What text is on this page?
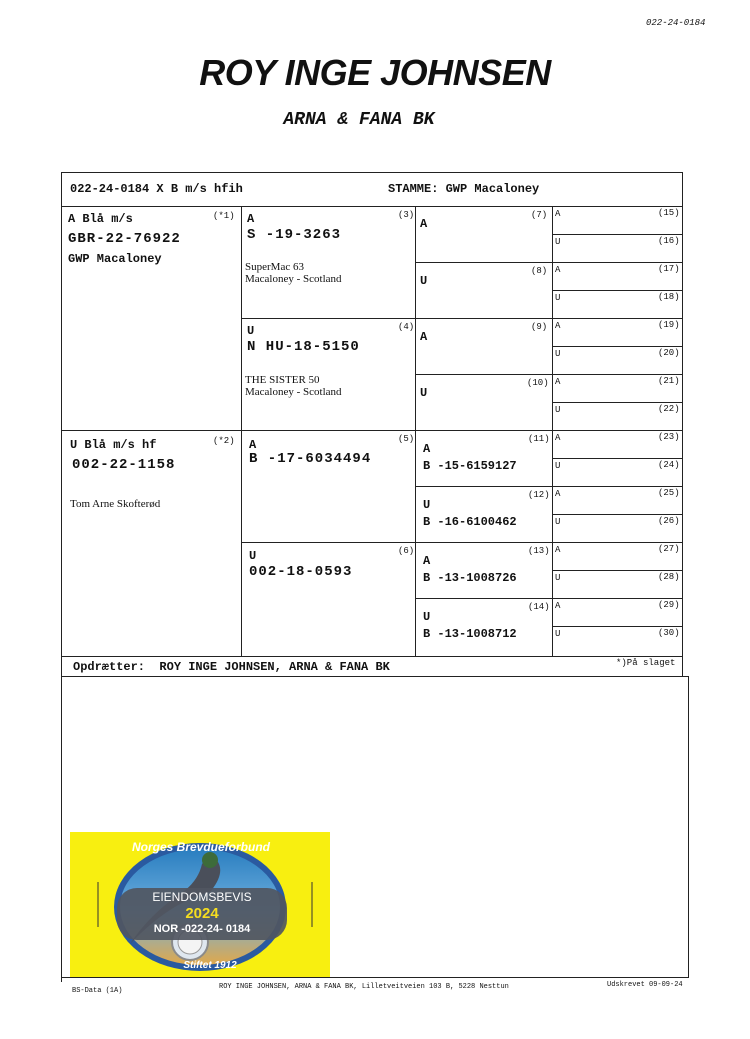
022-24-0184
ROY INGE JOHNSEN
ARNA & FANA BK
022-24-0184 X B m/s hfih	STAMME: GWP Macaloney
A Blå m/s	(*1)
GBR-22-76922
GWP Macaloney
U Blå m/s hf	(*2)
002-22-1158
Tom Arne Skofterød
A	(3)
S -19-3263
SuperMac 63
Macaloney - Scotland
U	(4)
N HU-18-5150
THE SISTER 50
Macaloney - Scotland
A	(5)
B -17-6034494
U	(6)
002-18-0593
A
(7)
U
(8)
A
(9)
U
(10)
A
(11)
B -15-6159127
U
(12)
B -16-6100462
A
(13)
B -13-1008726
U
(14)
B -13-1008712
A	(15)
U	(16)
A	(17)
U	(18)
A	(19)
U	(20)
A	(21)
U	(22)
A	(23)
U	(24)
A	(25)
U	(26)
A	(27)
U	(28)
A	(29)
U	(30)
Opdrætter:  ROY INGE JOHNSEN, ARNA & FANA BK	*)På slaget
Norges Brevdueforbund
EIENDOMSBEVIS
2024
NOR -022-24- 0184
Stiftet 1912
BS-Data (1A)	ROY INGE JOHNSEN, ARNA & FANA BK, Lilletveitveien 103 B, 5228 Nesttun	Udskrevet 09-09-24
